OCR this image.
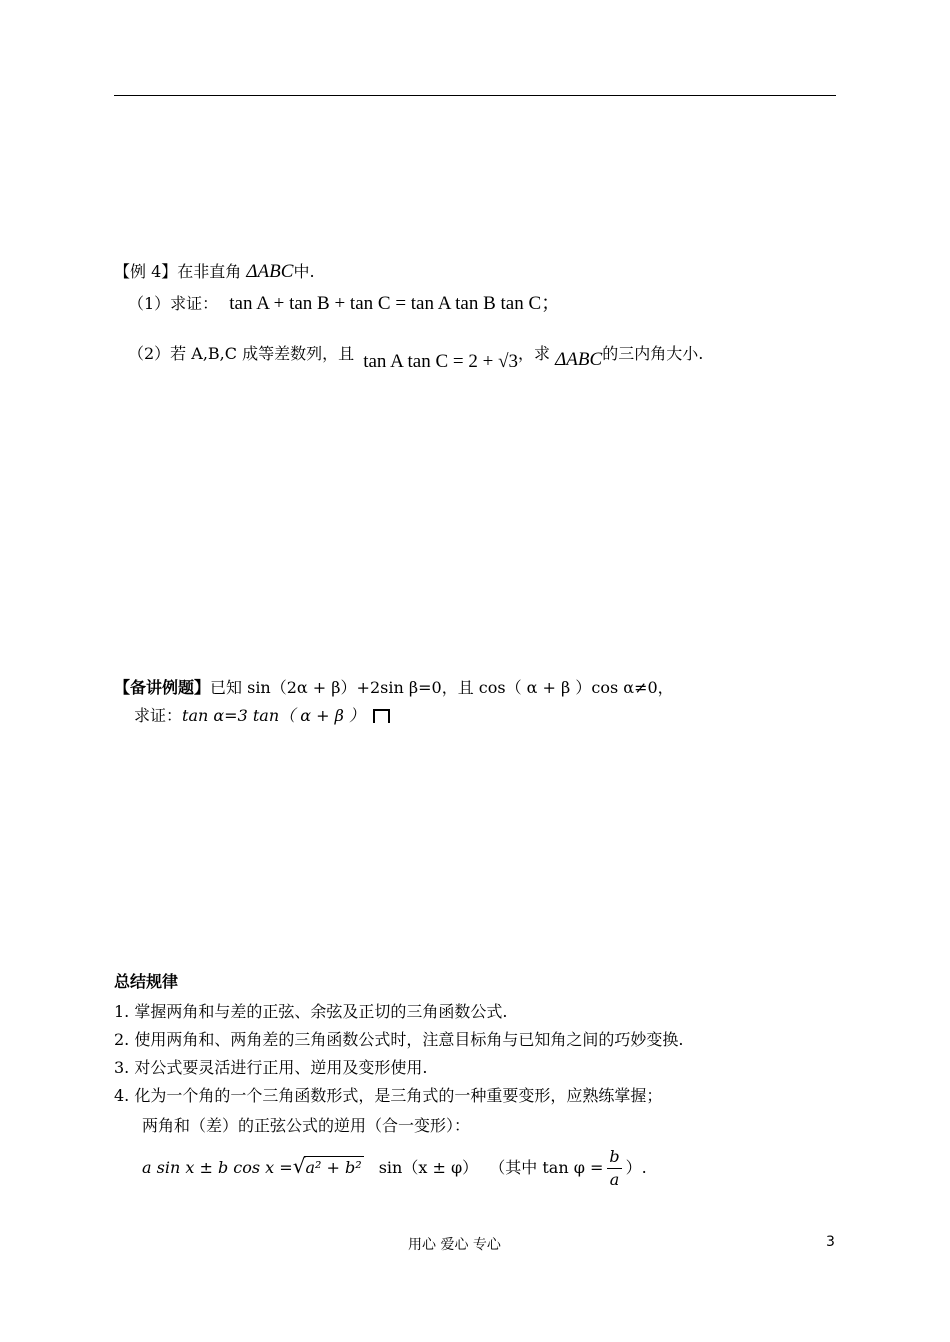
【例 4】在非直角 ΔABC中.
（1）求证： tan A + tan B + tan C = tan A tan B tan C；
（2）若 A,B,C 成等差数列，且 tan A tan C = 2 + √3，求 ΔABC的三内角大小.
【备讲例题】已知 sin（2α + β）+2sin β=0，且 cos（ α + β ）cos α≠0，
求证：tan α=3 tan（ α + β ）
总结规律
1. 掌握两角和与差的正弦、余弦及正切的三角函数公式.
2. 使用两角和、两角差的三角函数公式时，注意目标角与已知角之间的巧妙变换.
3. 对公式要灵活进行正用、逆用及变形使用.
4. 化为一个角的一个三角函数形式，是三角式的一种重要变形，应熟练掌握；
两角和（差）的正弦公式的逆用（合一变形）：
a sin x ± b cos x =√a² + b² sin（x ± φ） （其中 $\tan \varphi = \frac{b}{a}$ ）.
用心 爱心 专心	3
